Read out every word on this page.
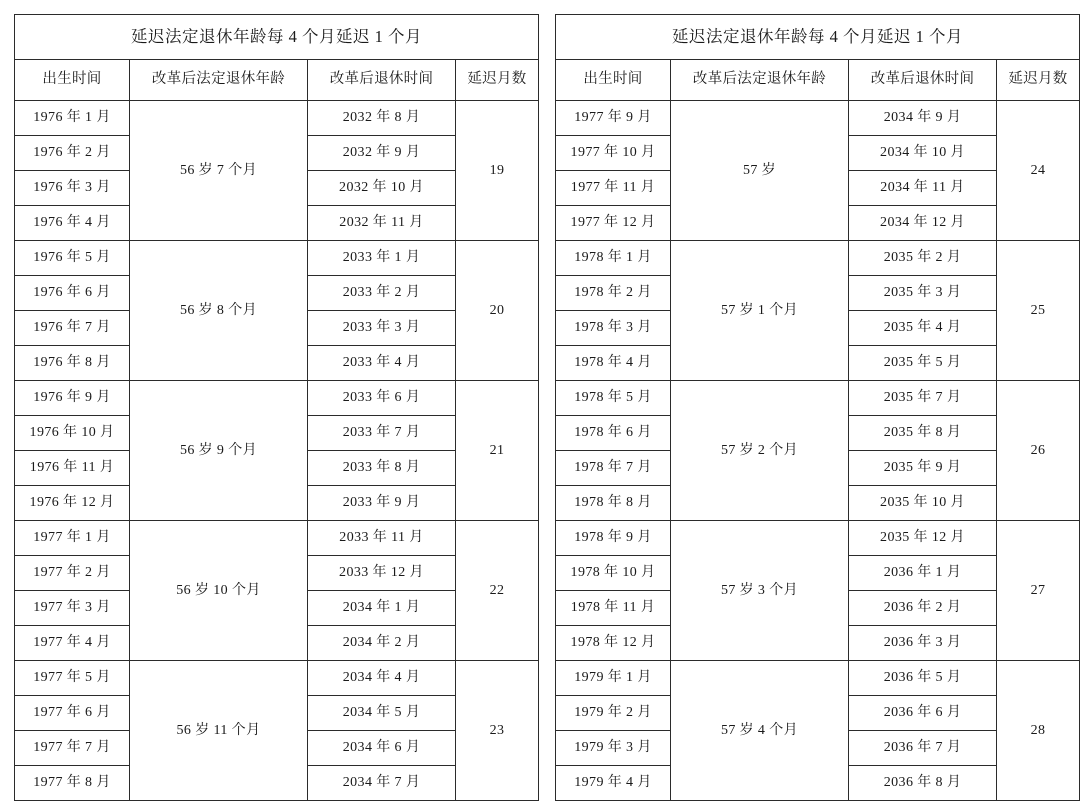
延迟法定退休年龄每 4 个月延迟 1 个月			
出生时间	改革后法定退休年龄	改革后退休时间	延迟月数
1976 年 1 月	56 岁 7 个月	2032 年 8 月	19
1976 年 2 月		2032 年 9 月	
1976 年 3 月		2032 年 10 月	
1976 年 4 月		2032 年 11 月	
1976 年 5 月	56 岁 8 个月	2033 年 1 月	20
1976 年 6 月		2033 年 2 月	
1976 年 7 月		2033 年 3 月	
1976 年 8 月		2033 年 4 月	
1976 年 9 月	56 岁 9 个月	2033 年 6 月	21
1976 年 10 月		2033 年 7 月	
1976 年 11 月		2033 年 8 月	
1976 年 12 月		2033 年 9 月	
1977 年 1 月	56 岁 10 个月	2033 年 11 月	22
1977 年 2 月		2033 年 12 月	
1977 年 3 月		2034 年 1 月	
1977 年 4 月		2034 年 2 月	
1977 年 5 月	56 岁 11 个月	2034 年 4 月	23
1977 年 6 月		2034 年 5 月	
1977 年 7 月		2034 年 6 月	
1977 年 8 月		2034 年 7 月	
延迟法定退休年龄每 4 个月延迟 1 个月			
出生时间	改革后法定退休年龄	改革后退休时间	延迟月数
1977 年 9 月	57 岁	2034 年 9 月	24
1977 年 10 月		2034 年 10 月	
1977 年 11 月		2034 年 11 月	
1977 年 12 月		2034 年 12 月	
1978 年 1 月	57 岁 1 个月	2035 年 2 月	25
1978 年 2 月		2035 年 3 月	
1978 年 3 月		2035 年 4 月	
1978 年 4 月		2035 年 5 月	
1978 年 5 月	57 岁 2 个月	2035 年 7 月	26
1978 年 6 月		2035 年 8 月	
1978 年 7 月		2035 年 9 月	
1978 年 8 月		2035 年 10 月	
1978 年 9 月	57 岁 3 个月	2035 年 12 月	27
1978 年 10 月		2036 年 1 月	
1978 年 11 月		2036 年 2 月	
1978 年 12 月		2036 年 3 月	
1979 年 1 月	57 岁 4 个月	2036 年 5 月	28
1979 年 2 月		2036 年 6 月	
1979 年 3 月		2036 年 7 月	
1979 年 4 月		2036 年 8 月	
